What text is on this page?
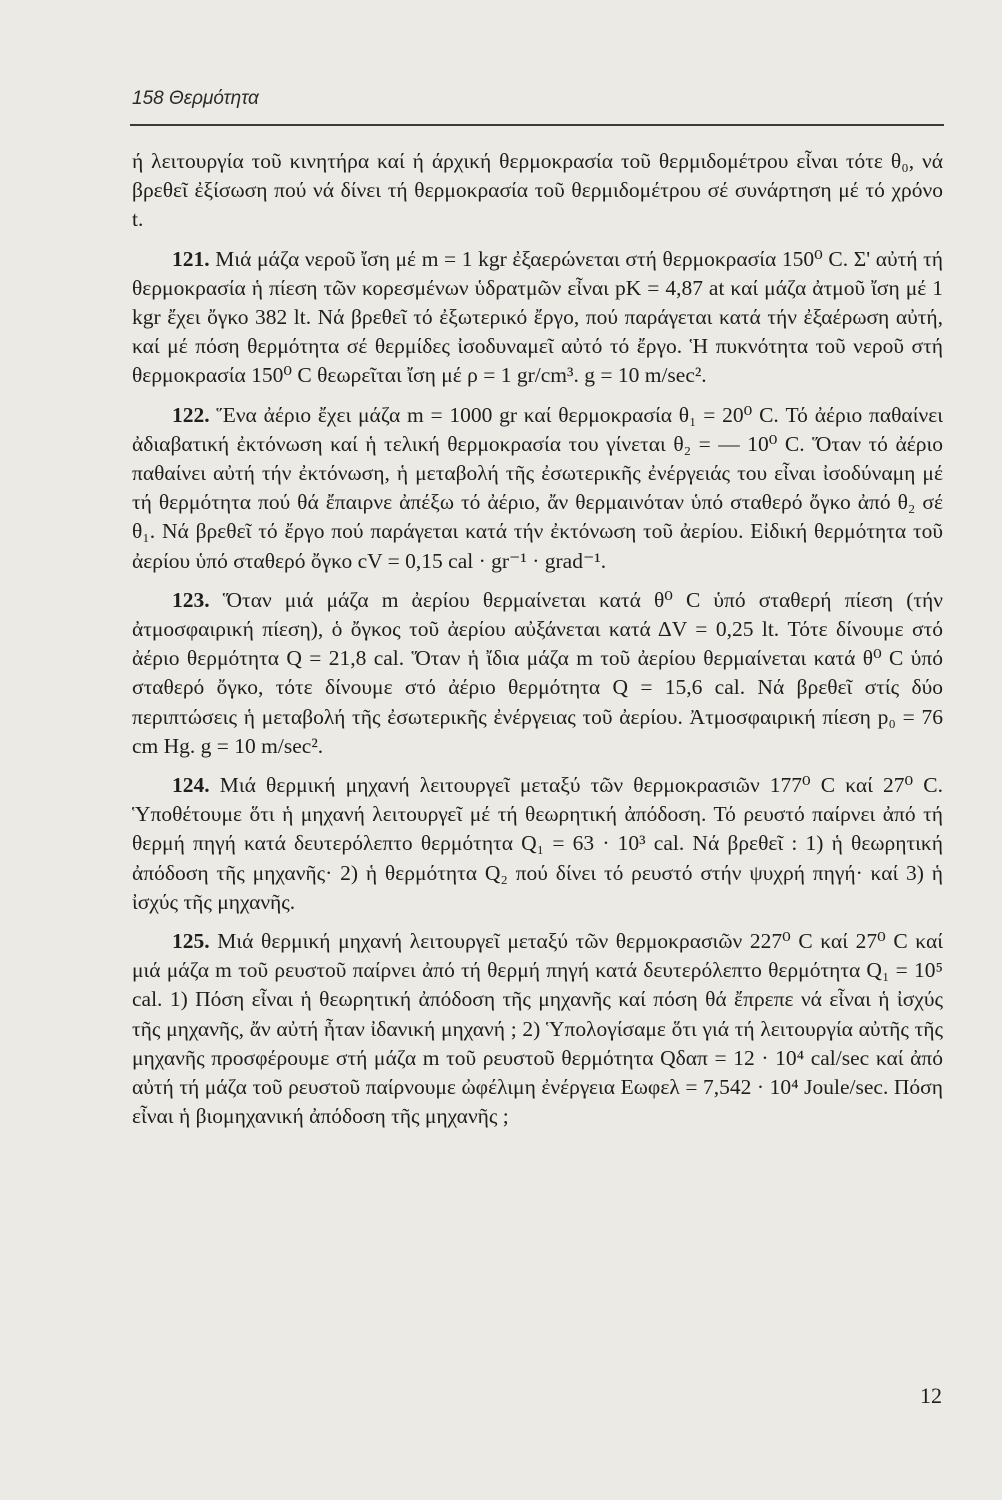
158 Θερμότητα

ή λειτουργία τοῦ κινητήρα καί ή άρχική θερμοκρασία τοῦ θερμιδομέτρου εἶναι τότε θ₀, νά βρεθεῖ ἐξίσωση πού νά δίνει τή θερμοκρασία τοῦ θερμιδομέτρου σέ συνάρτηση μέ τό χρόνο t.

121. Μιά μάζα νεροῦ ἴση μέ m = 1 kgr ἐξαερώνεται στή θερμοκρασία 150⁰ C. Σ' αὐτή τή θερμοκρασία ἡ πίεση τῶν κορεσμένων ὑδρατμῶν εἶναι pK = 4,87 at καί μάζα ἀτμοῦ ἴση μέ 1 kgr ἔχει ὄγκο 382 lt. Νά βρεθεῖ τό ἐξωτερικό ἔργο, πού παράγεται κατά τήν ἐξαέρωση αὐτή, καί μέ πόση θερμότητα σέ θερμίδες ἰσοδυναμεῖ αὐτό τό ἔργο. Ἡ πυκνότητα τοῦ νεροῦ στή θερμοκρασία 150⁰ C θεωρεῖται ἴση μέ ρ = 1 gr/cm³. g = 10 m/sec².

122. Ἕνα ἀέριο ἔχει μάζα m = 1000 gr καί θερμοκρασία θ₁ = 20⁰ C. Τό ἀέριο παθαίνει ἀδιαβατική ἐκτόνωση καί ἡ τελική θερμοκρασία του γίνεται θ₂ = — 10⁰ C. Ὅταν τό ἀέριο παθαίνει αὐτή τήν ἐκτόνωση, ἡ μεταβολή τῆς ἐσωτερικῆς ἐνέργειάς του εἶναι ἰσοδύναμη μέ τή θερμότητα πού θά ἔπαιρνε ἀπέξω τό ἀέριο, ἄν θερμαινόταν ὑπό σταθερό ὄγκο ἀπό θ₂ σέ θ₁. Νά βρεθεῖ τό ἔργο πού παράγεται κατά τήν ἐκτόνωση τοῦ ἀερίου. Εἰδική θερμότητα τοῦ ἀερίου ὑπό σταθερό ὄγκο cV = 0,15 cal · gr⁻¹ · grad⁻¹.

123. Ὅταν μιά μάζα m ἀερίου θερμαίνεται κατά θ⁰ C ὑπό σταθερή πίεση (τήν ἀτμοσφαιρική πίεση), ὁ ὄγκος τοῦ ἀερίου αὐξάνεται κατά ΔV = 0,25 lt. Τότε δίνουμε στό ἀέριο θερμότητα Q = 21,8 cal. Ὅταν ἡ ἴδια μάζα m τοῦ ἀερίου θερμαίνεται κατά θ⁰ C ὑπό σταθερό ὄγκο, τότε δίνουμε στό ἀέριο θερμότητα Q = 15,6 cal. Νά βρεθεῖ στίς δύο περιπτώσεις ἡ μεταβολή τῆς ἐσωτερικῆς ἐνέργειας τοῦ ἀερίου. Ἀτμοσφαιρική πίεση p₀ = 76 cm Hg. g = 10 m/sec².

124. Μιά θερμική μηχανή λειτουργεῖ μεταξύ τῶν θερμοκρασιῶν 177⁰ C καί 27⁰ C. Ὑποθέτουμε ὅτι ἡ μηχανή λειτουργεῖ μέ τή θεωρητική ἀπόδοση. Τό ρευστό παίρνει ἀπό τή θερμή πηγή κατά δευτερόλεπτο θερμότητα Q₁ = 63 · 10³ cal. Νά βρεθεῖ : 1) ἡ θεωρητική ἀπόδοση τῆς μηχανῆς· 2) ἡ θερμότητα Q₂ πού δίνει τό ρευστό στήν ψυχρή πηγή· καί 3) ἡ ἰσχύς τῆς μηχανῆς.

125. Μιά θερμική μηχανή λειτουργεῖ μεταξύ τῶν θερμοκρασιῶν 227⁰ C καί 27⁰ C καί μιά μάζα m τοῦ ρευστοῦ παίρνει ἀπό τή θερμή πηγή κατά δευτερόλεπτο θερμότητα Q₁ = 10⁵ cal. 1) Πόση εἶναι ἡ θεωρητική ἀπόδοση τῆς μηχανῆς καί πόση θά ἔπρεπε νά εἶναι ἡ ἰσχύς τῆς μηχανῆς, ἄν αὐτή ἦταν ἰδανική μηχανή ; 2) Ὑπολογίσαμε ὅτι γιά τή λειτουργία αὐτῆς τῆς μηχανῆς προσφέρουμε στή μάζα m τοῦ ρευστοῦ θερμότητα Qδαπ = 12 · 10⁴ cal/sec καί ἀπό αὐτή τή μάζα τοῦ ρευστοῦ παίρνουμε ὠφέλιμη ἐνέργεια Eωφελ = 7,542 · 10⁴ Joule/sec. Πόση εἶναι ἡ βιομηχανική ἀπόδοση τῆς μηχανῆς ;

12
